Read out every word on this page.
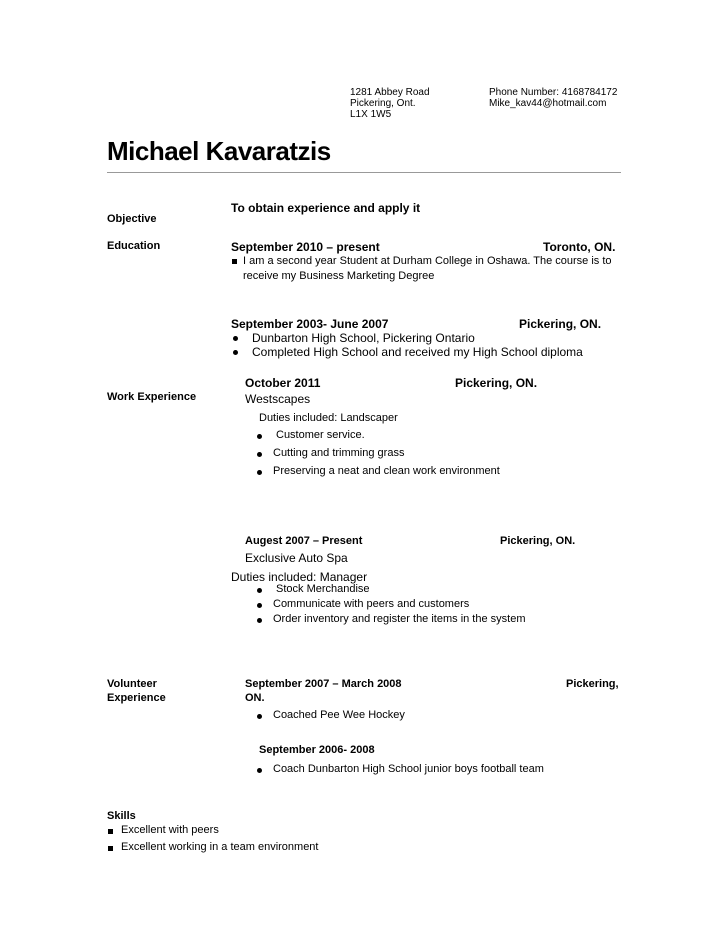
1281 Abbey Road
Pickering, Ont.
L1X 1W5
Phone Number: 4168784172
Mike_kav44@hotmail.com
Michael Kavaratzis
To obtain experience and apply it
Objective
Education	September 2010 – present	Toronto, ON.
I am a second year Student at Durham College in Oshawa. The course is to receive my Business Marketing Degree
September 2003- June 2007	Pickering, ON.
Dunbarton High School, Pickering Ontario
Completed High School and received my High School diploma
October 2011	Pickering, ON.
Work Experience	Westscapes
Duties included: Landscaper
Customer service.
Cutting and trimming grass
Preserving a neat and clean work environment
Augest 2007 – Present	Pickering, ON.
Exclusive Auto Spa
Duties included: Manager
Stock Merchandise
Communicate with peers and customers
Order inventory and register the items in the system
Volunteer
Experience
September 2007 – March 2008	Pickering,
ON.
Coached Pee Wee Hockey
September 2006- 2008
Coach Dunbarton High School junior boys football team
Skills
Excellent with peers
Excellent working in a team environment
